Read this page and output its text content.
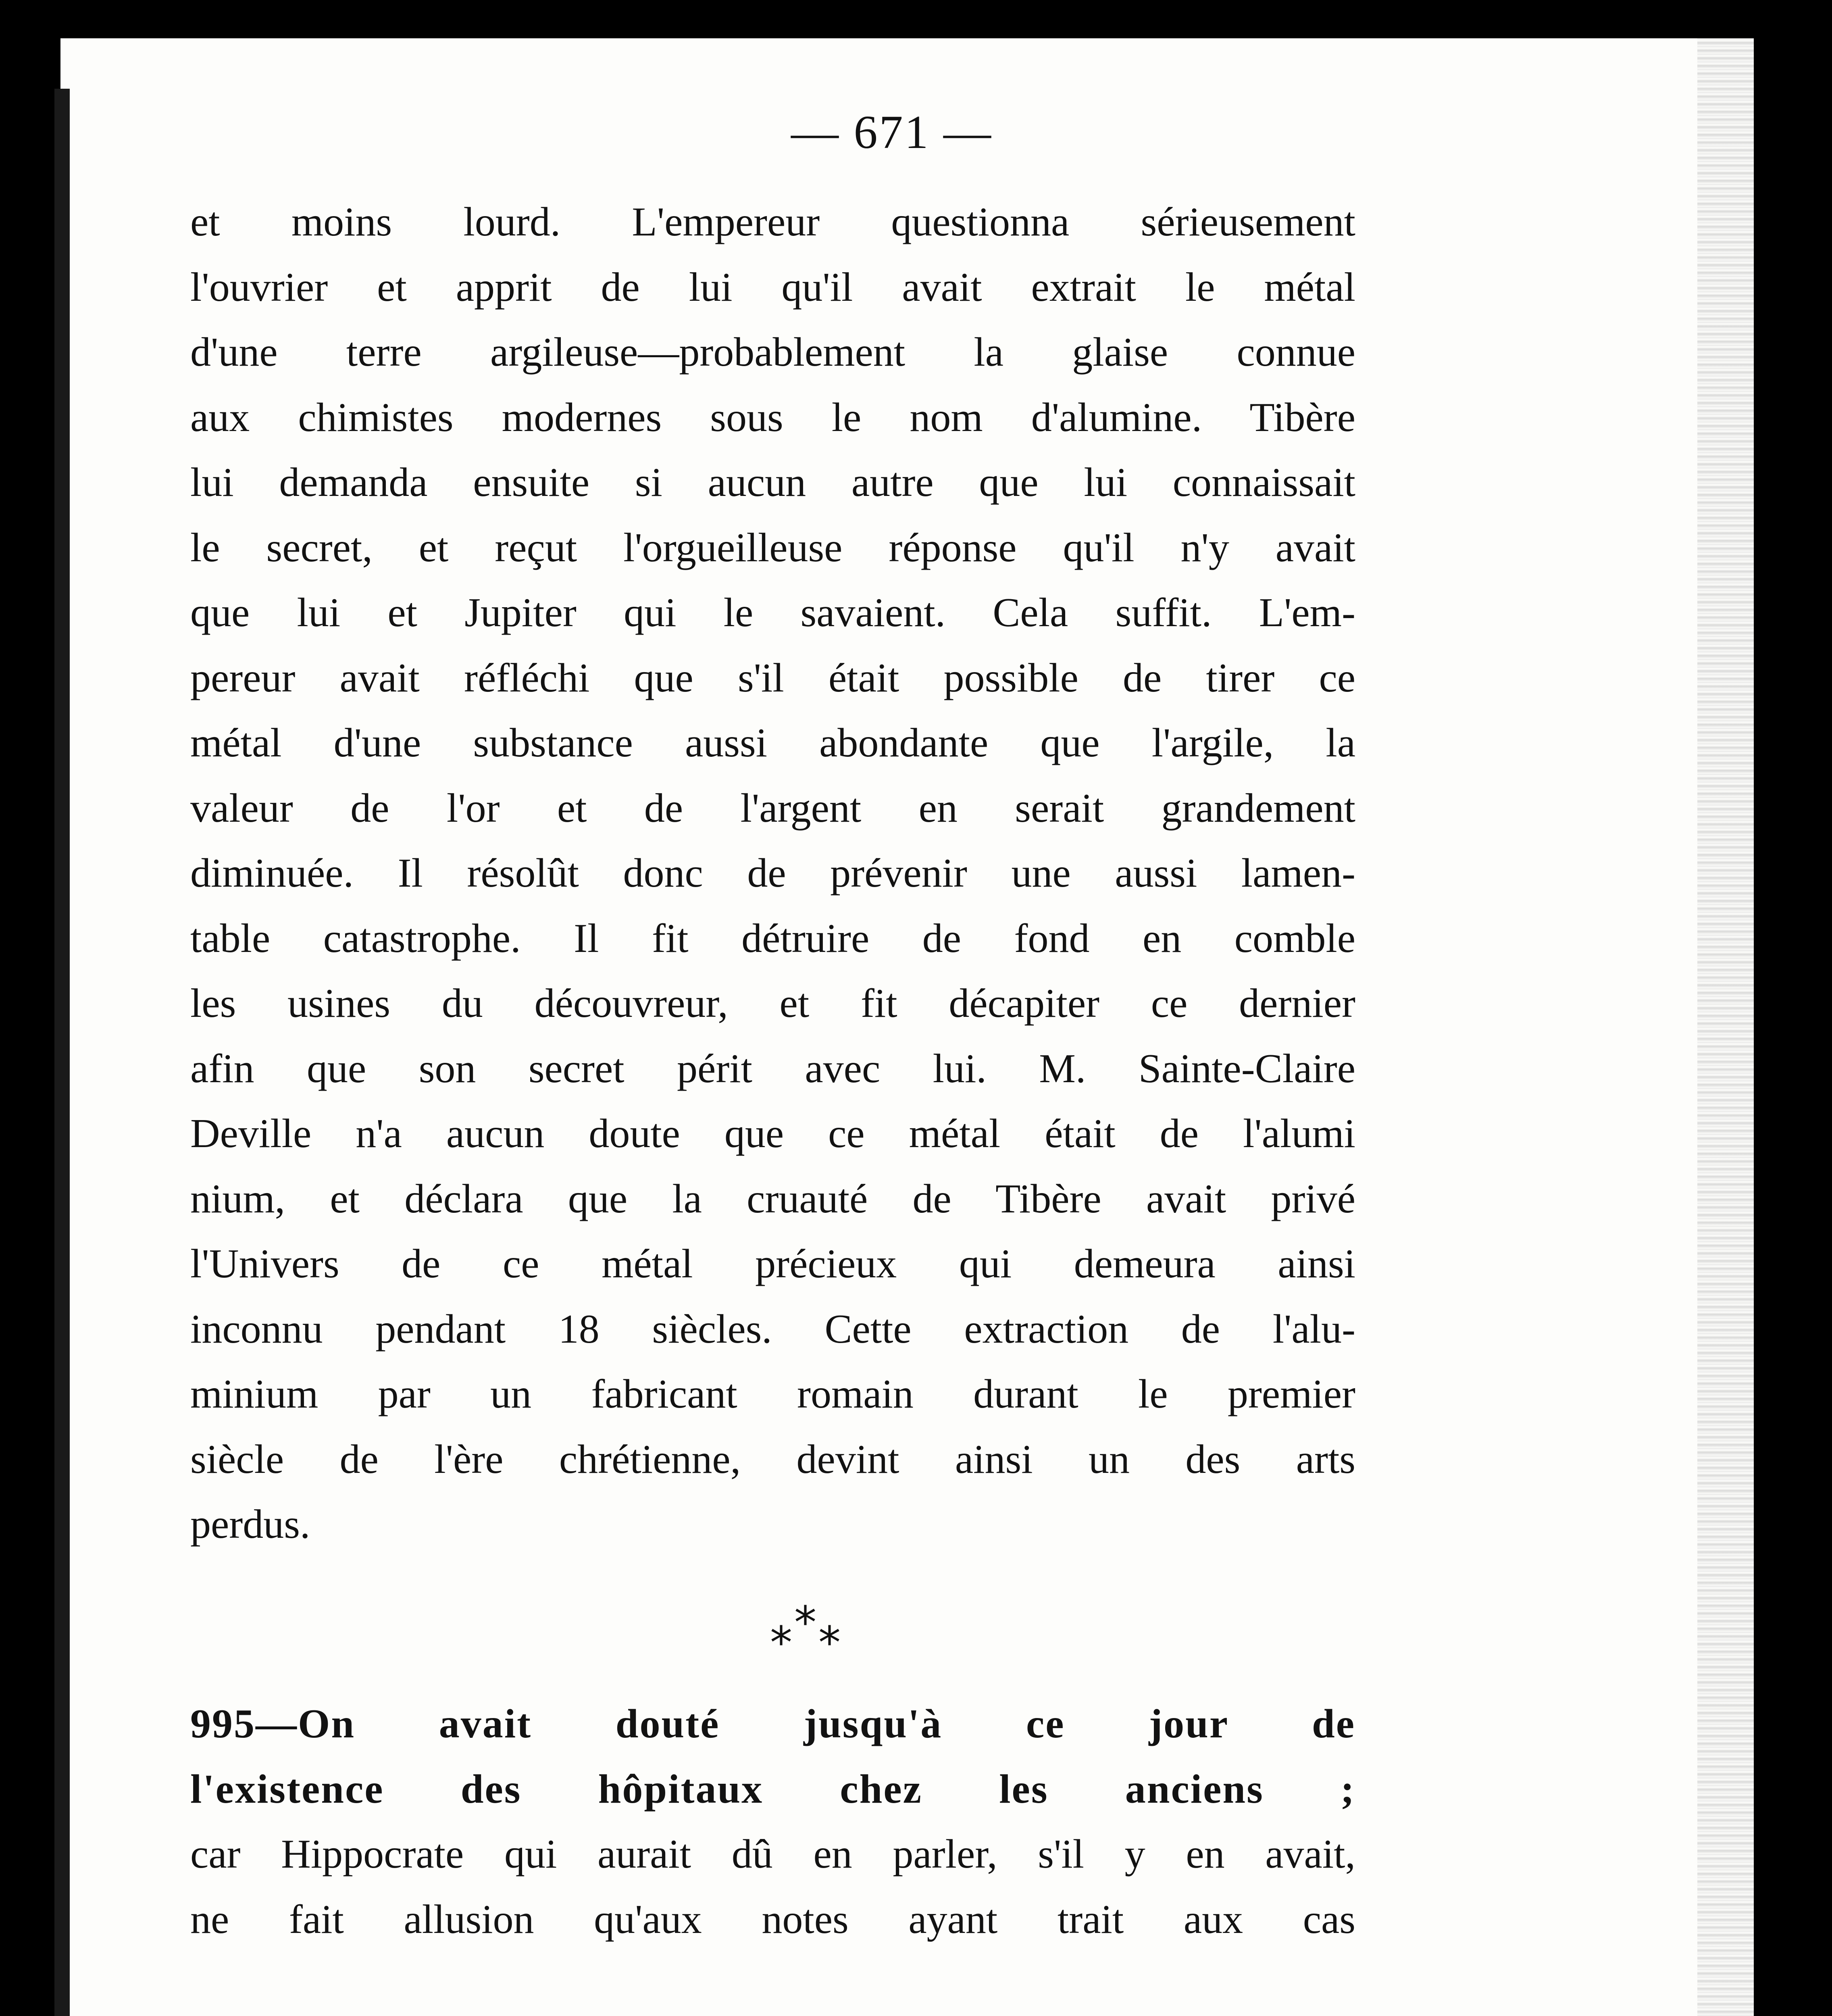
— 671 —
et moins lourd. L'empereur questionna sérieusement
l'ouvrier et apprit de lui qu'il avait extrait le métal
d'une terre argileuse—probablement la glaise connue
aux chimistes modernes sous le nom d'alumine. Tibère
lui demanda ensuite si aucun autre que lui connaissait
le secret, et reçut l'orgueilleuse réponse qu'il n'y avait
que lui et Jupiter qui le savaient. Cela suffit. L'em-
pereur avait réfléchi que s'il était possible de tirer ce
métal d'une substance aussi abondante que l'argile, la
valeur de l'or et de l'argent en serait grandement
diminuée. Il résolût donc de prévenir une aussi lamen-
table catastrophe. Il fit détruire de fond en comble
les usines du découvreur, et fit décapiter ce dernier
afin que son secret périt avec lui. M. Sainte-Claire
Deville n'a aucun doute que ce métal était de l'alumi
nium, et déclara que la cruauté de Tibère avait privé
l'Univers de ce métal précieux qui demeura ainsi
inconnu pendant 18 siècles. Cette extraction de l'alu-
minium par un fabricant romain durant le premier
siècle de l'ère chrétienne, devint ainsi un des arts
perdus.
*
* *
995—On avait douté jusqu'à ce jour de
l'existence des hôpitaux chez les anciens ;
car Hippocrate qui aurait dû en parler, s'il y en avait,
ne fait allusion qu'aux notes ayant trait aux cas
